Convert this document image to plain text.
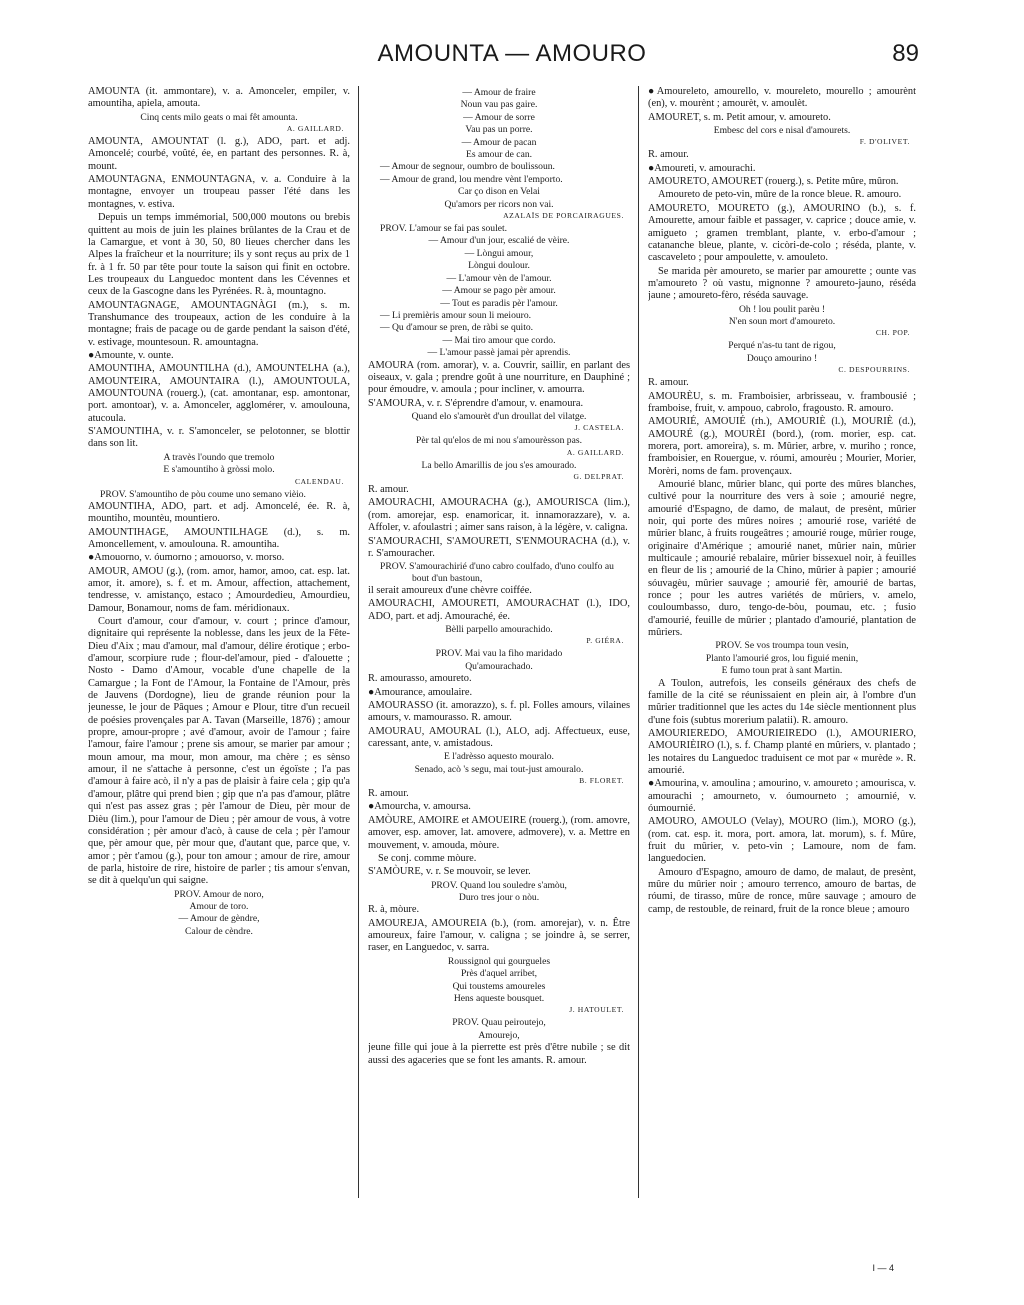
AMOUNTA — AMOURO	89

AMOUNTA (it. ammontare), v. a. Amonceler, empiler, v. amountiha, apiela, amouta.

Cinq cents milo geats o mai fêt amounta.

A. GAILLARD.

AMOUNTA, AMOUNTAT (l. g.), ADO, part. et adj. Amoncelé; courbé, voûté, ée, en partant des personnes. R. à, mount.

AMOUNTAGNA, ENMOUNTAGNA, v. a. Conduire à la montagne, envoyer un troupeau passer l'été dans les montagnes, v. estiva.

Depuis un temps immémorial, 500,000 moutons ou brebis quittent au mois de juin les plaines brûlantes de la Crau et de la Camargue, et vont à 30, 50, 80 lieues chercher dans les Alpes la fraîcheur et la nourriture; ils y sont reçus au prix de 1 fr. à 1 fr. 50 par tête pour toute la saison qui finit en octobre. Les troupeaux du Languedoc montent dans les Cévennes et ceux de la Gascogne dans les Pyrénées. R. à, mountagno.

AMOUNTAGNAGE, AMOUNTAGNÀGI (m.), s. m. Transhumance des troupeaux, action de les conduire à la montagne; frais de pacage ou de garde pendant la saison d'été, v. estivage, mountesoun. R. amountagna.

●Amounte, v. ounte.

AMOUNTIHA, AMOUNTILHA (d.), AMOUNTELHA (a.), AMOUNTEIRA, AMOUNTAIRA (l.), AMOUNTOULA, AMOUNTOUNA (rouerg.), (cat. amontanar, esp. amontonar, port. amontoar), v. a. Amonceler, agglomérer, v. amoulouna, atucoula.

S'AMOUNTIHA, v. r. S'amonceler, se pelotonner, se blottir dans son lit.

A travès l'oundo que tremolo

E s'amountiho à gròssi molo.

CALENDAU.

PROV. S'amountiho de pòu coume uno semano vièio.

AMOUNTIHA, ADO, part. et adj. Amoncelé, ée. R. à, mountiho, mountèu, mountiero.

AMOUNTIHAGE, AMOUNTILHAGE (d.), s. m. Amoncellement, v. amoulouna. R. amountiha.

●Amouorno, v. óumorno ; amouorso, v. morso.

AMOUR, AMOU (g.), (rom. amor, hamor, amoo, cat. esp. lat. amor, it. amore), s. f. et m. Amour, affection, attachement, tendresse, v. amistanço, estaco ; Amourdedieu, Amourdieu, Damour, Bonamour, noms de fam. méridionaux.

Court d'amour, cour d'amour, v. court ; prince d'amour, dignitaire qui représente la noblesse, dans les jeux de la Fête-Dieu d'Aix ; mau d'amour, mal d'amour, délire érotique ; erbo-d'amour, scorpiure rude ; flour-del'amour, pied - d'alouette ; Nosto - Damo d'Amour, vocable d'une chapelle de la Camargue ; la Font de l'Amour, la Fontaine de l'Amour, près de Jauvens (Dordogne), lieu de grande réunion pour la jeunesse, le jour de Pâques ; Amour e Plour, titre d'un recueil de poésies provençales par A. Tavan (Marseille, 1876) ; amour propre, amour-propre ; avé d'amour, avoir de l'amour ; faire l'amour, faire l'amour ; prene sis amour, se marier par amour ; moun amour, ma mour, mon amour, ma chère ; es sènso amour, il ne s'attache à personne, c'est un égoïste ; l'a pas d'amour à faire acò, il n'y a pas de plaisir à faire cela ; gip qu'a d'amour, plâtre qui prend bien ; gip que n'a pas d'amour, plâtre qui n'est pas assez gras ; pèr l'amour de Dieu, pèr mour de Dièu (lim.), pour l'amour de Dieu ; pèr amour de vous, à votre considération ; pèr amour d'acò, à cause de cela ; pèr l'amour que, pèr amour que, pèr mour que, d'autant que, parce que, v. amor ; pèr t'amou (g.), pour ton amour ; amour de rire, amour de parla, histoire de rire, histoire de parler ; tis amour s'envan, se dit à quelqu'un qui saigne.

PROV. Amour de noro,

Amour de toro.

— Amour de gèndre,

Calour de cèndre.

— Amour de fraire

Noun vau pas gaire.

— Amour de sorre

Vau pas un porre.

— Amour de pacan

Es amour de can.

— Amour de segnour, oumbro de boulissoun.

— Amour de grand, lou mendre vènt l'emporto.

Car ço dison en Velai

Qu'amors per ricors non vai.

AZALAÏS DE PORCAIRAGUES.

PROV. L'amour se fai pas soulet.

— Amour d'un jour, escalié de vèire.

— Lòngui amour,

Lòngui doulour.

— L'amour vèn de l'amour.

— Amour se pago pèr amour.

— Tout es paradis pèr l'amour.

— Li premièris amour soun li meiouro.

— Qu d'amour se pren, de ràbi se quito.

— Mai tiro amour que cordo.

— L'amour passè jamai pèr aprendis.

AMOURA (rom. amorar), v. a. Couvrir, saillir, en parlant des oiseaux, v. gala ; prendre goût à une nourriture, en Dauphiné ; pour émoudre, v. amoula ; pour incliner, v. amourra.

S'AMOURA, v. r. S'éprendre d'amour, v. enamoura.

Quand elo s'amourèt d'un droullat del vilatge.

J. CASTELA.

Pèr tal qu'elos de mi nou s'amourèsson pas.

A. GAILLARD.

La bello Amarillis de jou s'es amourado.

G. DELPRAT.

R. amour.

AMOURACHI, AMOURACHA (g.), AMOURISCA (lim.), (rom. amorejar, esp. enamoricar, it. innamorazzare), v. a. Affoler, v. afoulastri ; aimer sans raison, à la légère, v. caligna.

S'AMOURACHI, S'AMOURETI, S'ENMOURACHA (d.), v. r. S'amouracher.

PROV. S'amourachirié d'uno cabro coulfado, d'uno coulfo au bout d'un bastoun,

il serait amoureux d'une chèvre coiffée.

AMOURACHI, AMOURETI, AMOURACHAT (l.), IDO, ADO, part. et adj. Amouraché, ée.

Bèlli parpello amourachido.

P. GIÉRA.

PROV. Mai vau la fiho maridado

Qu'amourachado.

R. amourasso, amoureto.

●Amourance, amoulaire.

AMOURASSO (it. amorazzo), s. f. pl. Folles amours, vilaines amours, v. mamourasso. R. amour.

AMOURAU, AMOURAL (l.), ALO, adj. Affectueux, euse, caressant, ante, v. amistadous.

E l'adrèsso aquesto mouralo.

Senado, acò 's segu, mai tout-just amouralo.

B. FLORET.

R. amour.

●Amourcha, v. amoursa.

AMÒURE, AMOIRE et AMOUEIRE (rouerg.), (rom. amovre, amover, esp. amover, lat. amovere, admovere), v. a. Mettre en mouvement, v. amouda, mòure.

Se conj. comme mòure.

S'AMÒURE, v. r. Se mouvoir, se lever.

PROV. Quand lou souledre s'amòu,

Duro tres jour o nòu.

R. à, mòure.

AMOUREJA, AMOUREIA (b.), (rom. amorejar), v. n. Être amoureux, faire l'amour, v. caligna ; se joindre à, se serrer, raser, en Languedoc, v. sarra.

Roussignol qui gourgueles

Près d'aquel arribet,

Qui toustems amoureles

Hens aqueste bousquet.

J. HATOULET.

PROV. Quau peiroutejo,

Amourejo,

jeune fille qui joue à la pierrette est près d'être nubile ; se dit aussi des agaceries que se font les amants. R. amour.

●Amoureleto, amourello, v. moureleto, mourello ; amourènt (en), v. mourènt ; amourèt, v. amoulèt.

AMOURET, s. m. Petit amour, v. amoureto.

Embesc del cors e nisal d'amourets.

F. D'OLIVET.

R. amour.

●Amoureti, v. amourachi.

AMOURETO, AMOURET (rouerg.), s. Petite mûre, mûron.

Amoureto de peto-vin, mûre de la ronce bleue. R. amouro.

AMOURETO, MOURETO (g.), AMOURINO (b.), s. f. Amourette, amour faible et passager, v. caprice ; douce amie, v. amigueto ; gramen tremblant, plante, v. erbo-d'amour ; catananche bleue, plante, v. cicòri-de-colo ; réséda, plante, v. cascaveleto ; pour ampoulette, v. amouleto.

Se marida pèr amoureto, se marier par amourette ; ounte vas m'amoureto ? où vastu, mignonne ? amoureto-jauno, réséda jaune ; amoureto-fèro, réséda sauvage.

Oh ! lou poulit parèu !

N'en soun mort d'amoureto.

CH. POP.

Perqué n'as-tu tant de rigou,

Douço amourino !

C. DESPOURRINS.

R. amour.

AMOURÈU, s. m. Framboisier, arbrisseau, v. frambousié ; framboise, fruit, v. ampouo, cabrolo, fragousto. R. amouro.

AMOURIÉ, AMOUIÉ (rh.), AMOURIÈ (l.), MOURIÈ (d.), AMOURÉ (g.), MOURÈI (bord.), (rom. morier, esp. cat. morera, port. amoreira), s. m. Mûrier, arbre, v. muriho ; ronce, framboisier, en Rouergue, v. róumi, amourèu ; Mourier, Morier, Morèri, noms de fam. provençaux.

Amourié blanc, mûrier blanc, qui porte des mûres blanches, cultivé pour la nourriture des vers à soie ; amourié negre, amourié d'Espagno, de damo, de malaut, de presènt, mûrier noir, qui porte des mûres noires ; amourié rose, variété de mûrier blanc, à fruits rougeâtres ; amourié rouge, mûrier rouge, originaire d'Amérique ; amourié nanet, mûrier nain, mûrier multicaule ; amourié rebalaire, mûrier bissexuel noir, à feuilles en fleur de lis ; amourié de la Chino, mûrier à papier ; amourié sóuvagèu, mûrier sauvage ; amourié fèr, amourié de bartas, ronce ; pour les autres variétés de mûriers, v. amelo, couloumbasso, duro, tengo-de-bòu, poumau, etc. ; fusio d'amourié, feuille de mûrier ; plantado d'amourié, plantation de mûriers.

PROV. Se vos troumpa toun vesin,

Planto l'amourié gros, lou figuié menin,

E fumo toun prat à sant Martin.

A Toulon, autrefois, les conseils généraux des chefs de famille de la cité se réunissaient en plein air, à l'ombre d'un mûrier traditionnel que les actes du 14e siècle mentionnent plus d'une fois (subtus morerium palatii). R. amouro.

AMOURIEREDO, AMOURIEIREDO (l.), AMOURIERO, AMOURIÈIRO (l.), s. f. Champ planté en mûriers, v. plantado ; les notaires du Languedoc traduisent ce mot par « murède ». R. amourié.

●Amourina, v. amoulina ; amourino, v. amoureto ; amourisca, v. amourachi ; amourneto, v. óumourneto ; amournié, v. óumournié.

AMOURO, AMOULO (Velay), MOURO (lim.), MORO (g.), (rom. cat. esp. it. mora, port. amora, lat. morum), s. f. Mûre, fruit du mûrier, v. peto-vin ; Lamoure, nom de fam. languedocien.

Amouro d'Espagno, amouro de damo, de malaut, de presènt, mûre du mûrier noir ; amouro terrenco, amouro de bartas, de róumi, de tirasso, mûre de ronce, mûre sauvage ; amouro de camp, de restouble, de reinard, fruit de la ronce bleue ; amouro

I — 4
